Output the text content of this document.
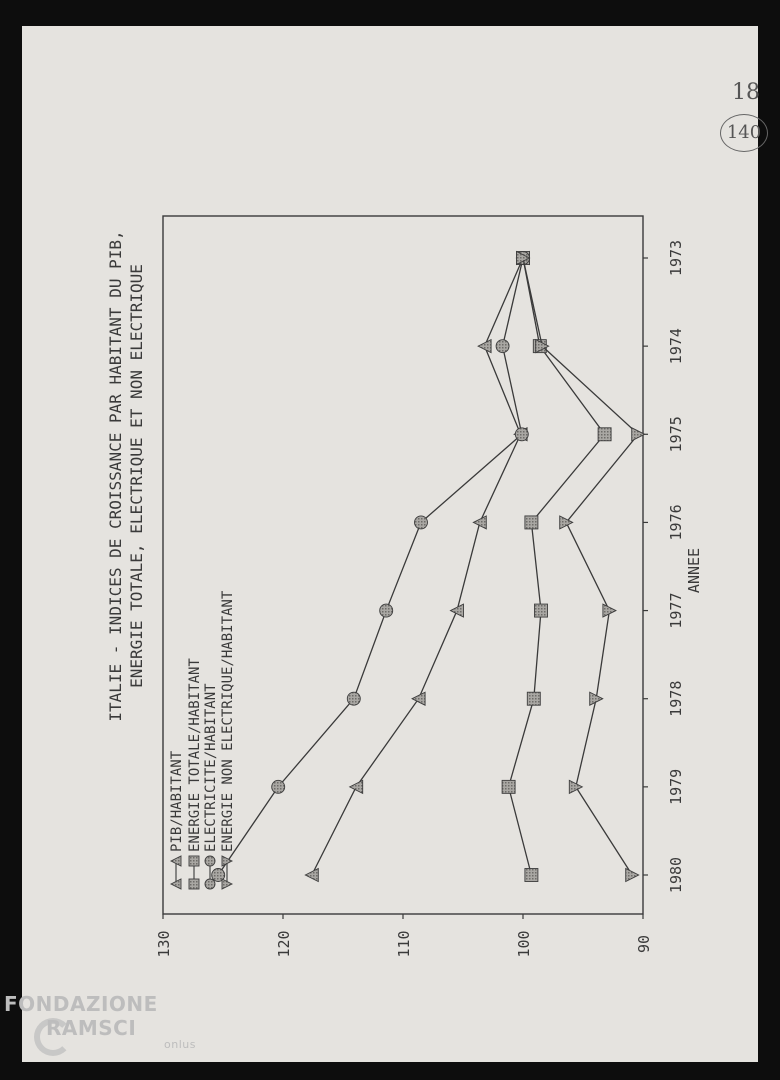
90
100
110
120
130
1973
1974
1975
1976
1977
1978
1979
1980
ANNEE
ITALIE - INDICES DE CROISSANCE PAR HABITANT DU PIB, ENERGIE TOTALE, ELECTRIQUE ET NON ELECTRIQUE
PIB/HABITANT ENERGIE TOTALE/HABITANT ELECTRICITE/HABITANT ENERGIE NON ELECTRIQUE/HABITANT
18
140
FONDAZIONE
RAMSCI
onlus
